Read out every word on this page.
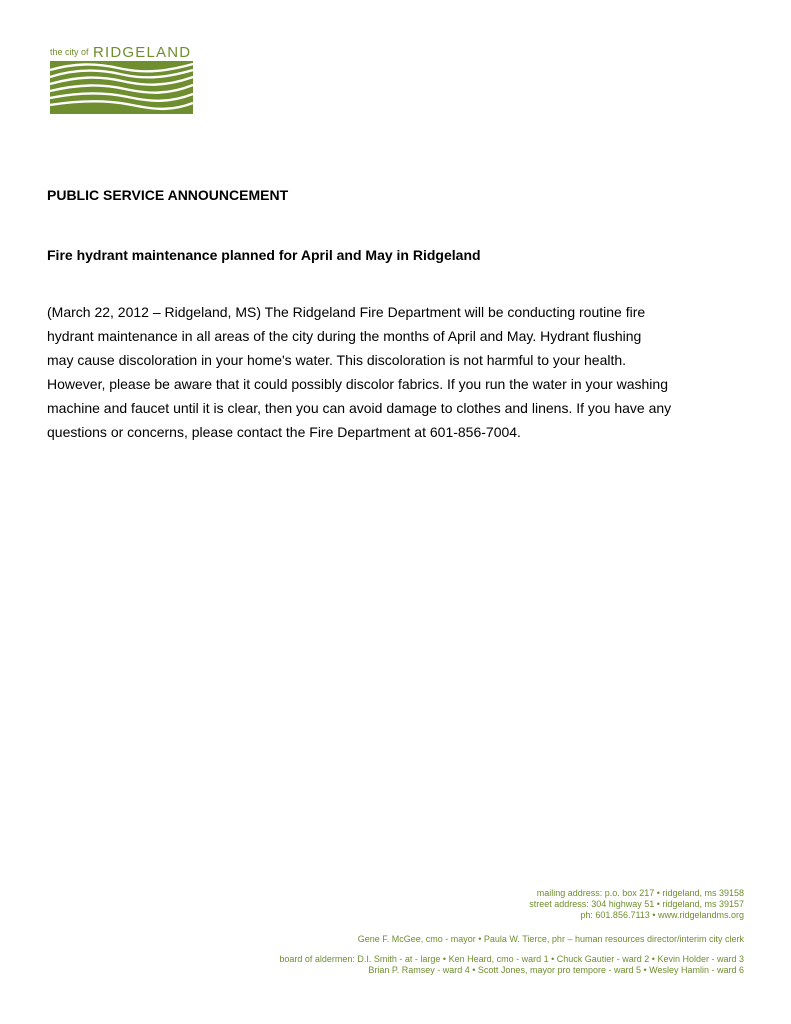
the city of RIDGELAND
PUBLIC SERVICE ANNOUNCEMENT
Fire hydrant maintenance planned for April and May in Ridgeland
(March 22, 2012 – Ridgeland, MS) The Ridgeland Fire Department will be conducting routine fire
hydrant maintenance in all areas of the city during the months of April and May. Hydrant flushing
may cause discoloration in your home's water. This discoloration is not harmful to your health.
However, please be aware that it could possibly discolor fabrics. If you run the water in your washing
machine and faucet until it is clear, then you can avoid damage to clothes and linens. If you have any
questions or concerns, please contact the Fire Department at 601-856-7004.
mailing address: p.o. box 217 • ridgeland, ms 39158
street address: 304 highway 51 • ridgeland, ms 39157
ph: 601.856.7113 • www.ridgelandms.org
Gene F. McGee, cmo - mayor • Paula W. Tierce, phr – human resources director/interim city clerk
board of aldermen: D.I. Smith - at - large • Ken Heard, cmo - ward 1 • Chuck Gautier - ward 2 • Kevin Holder - ward 3
Brian P. Ramsey - ward 4 • Scott Jones, mayor pro tempore - ward 5 • Wesley Hamlin - ward 6
